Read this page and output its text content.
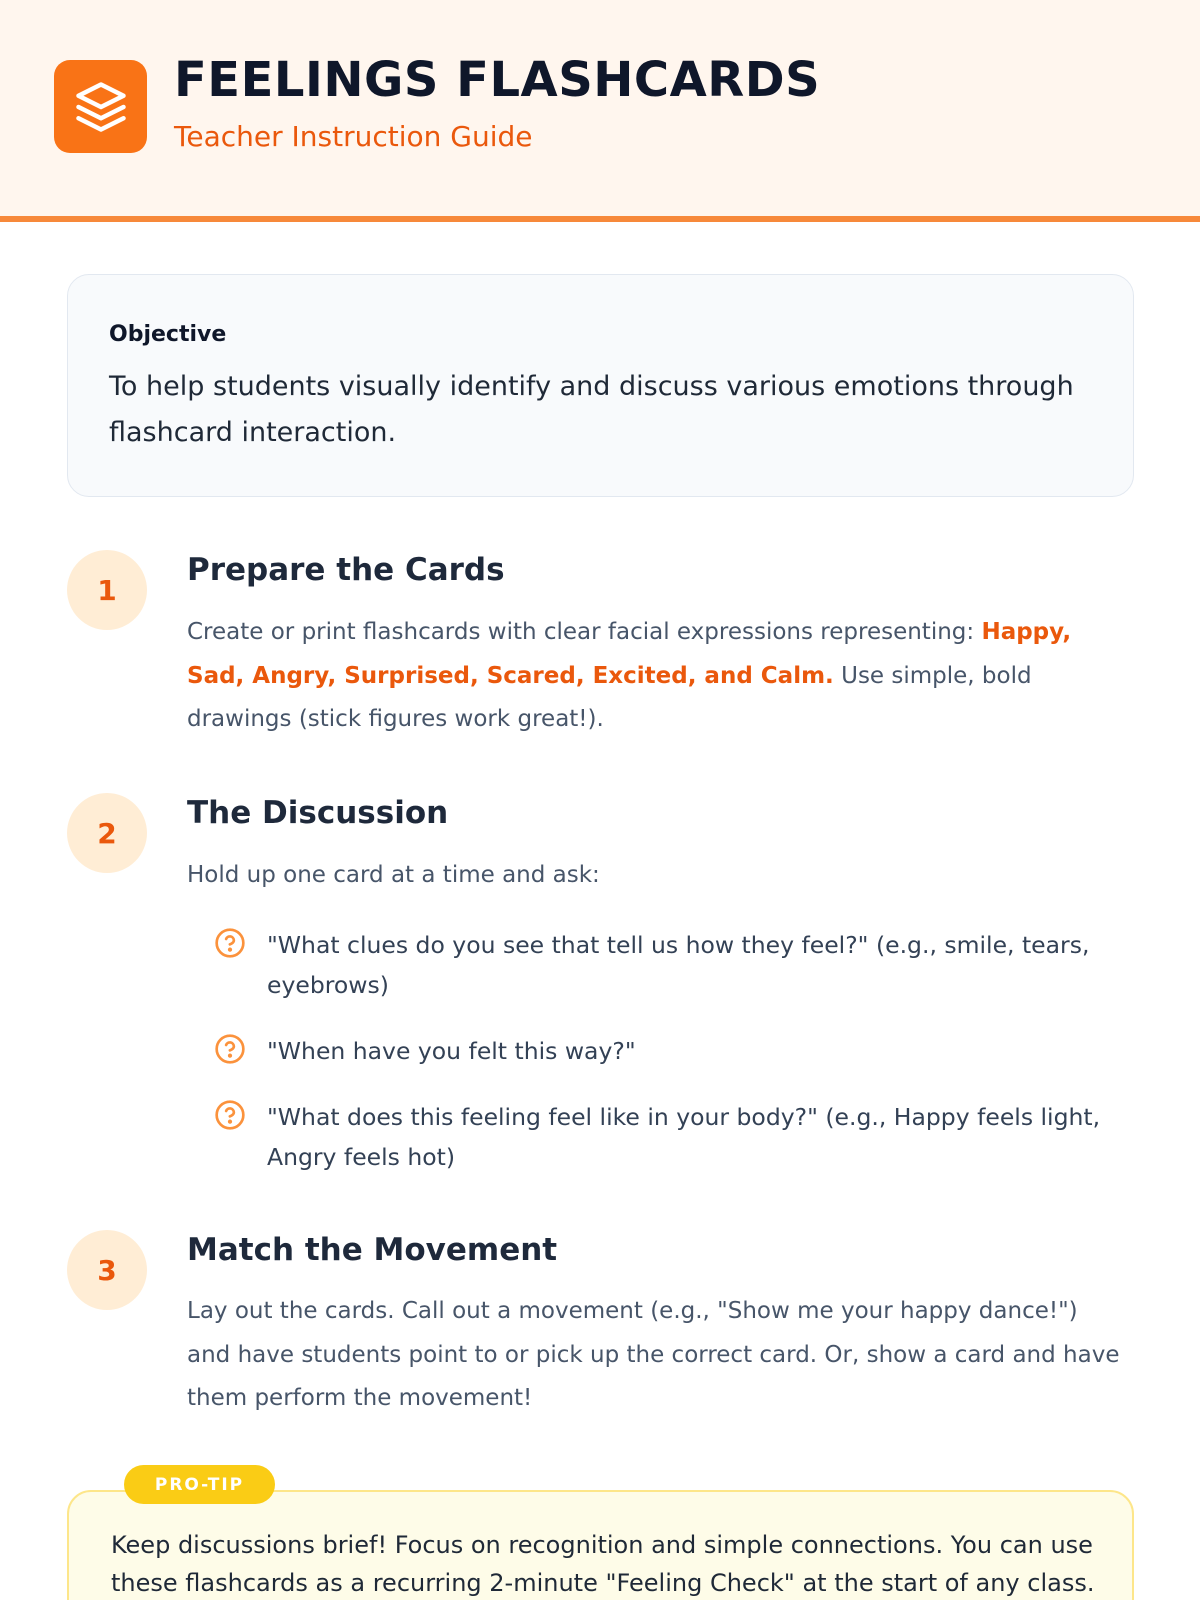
FEELINGS FLASHCARDS
Teacher Instruction Guide
Objective
To help students visually identify and discuss various emotions through flashcard interaction.
1
Prepare the Cards
Create or print flashcards with clear facial expressions representing: Happy, Sad, Angry, Surprised, Scared, Excited, and Calm. Use simple, bold drawings (stick figures work great!).
2
The Discussion
Hold up one card at a time and ask:
"What clues do you see that tell us how they feel?" (e.g., smile, tears, eyebrows)
"When have you felt this way?"
"What does this feeling feel like in your body?" (e.g., Happy feels light, Angry feels hot)
3
Match the Movement
Lay out the cards. Call out a movement (e.g., "Show me your happy dance!") and have students point to or pick up the correct card. Or, show a card and have them perform the movement!
Keep discussions brief! Focus on recognition and simple connections. You can use these flashcards as a recurring 2-minute "Feeling Check" at the start of any class.
PRO-TIP
